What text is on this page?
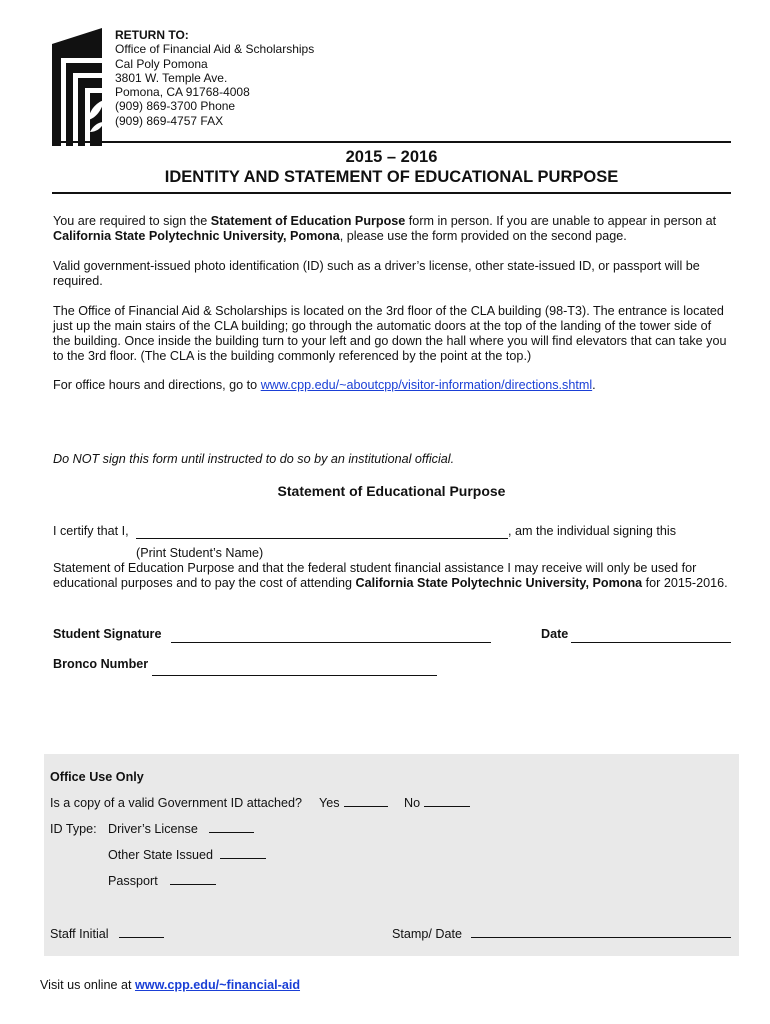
RETURN TO:
Office of Financial Aid & Scholarships
Cal Poly Pomona
3801 W. Temple Ave.
Pomona, CA 91768-4008
(909) 869-3700 Phone
(909) 869-4757 FAX
2015 – 2016
IDENTITY AND STATEMENT OF EDUCATIONAL PURPOSE
You are required to sign the Statement of Education Purpose form in person. If you are unable to appear in person at
California State Polytechnic University, Pomona, please use the form provided on the second page.
Valid government-issued photo identification (ID) such as a driver’s license, other state-issued ID, or passport will be
required.
The Office of Financial Aid & Scholarships is located on the 3rd floor of the CLA building (98-T3). The entrance is located
just up the main stairs of the CLA building; go through the automatic doors at the top of the landing of the tower side of
the building. Once inside the building turn to your left and go down the hall where you will find elevators that can take you
to the 3rd floor. (The CLA is the building commonly referenced by the point at the top.)
For office hours and directions, go to www.cpp.edu/~aboutcpp/visitor-information/directions.shtml.
Do NOT sign this form until instructed to do so by an institutional official.
Statement of Educational Purpose
I certify that I,	, am the individual signing this
(Print Student’s Name)
Statement of Education Purpose and that the federal student financial assistance I may receive will only be used for
educational purposes and to pay the cost of attending California State Polytechnic University, Pomona for 2015-2016.
Student Signature	Date
Bronco Number
Office Use Only
Is a copy of a valid Government ID attached? Yes	No
ID Type: Driver’s License
Other State Issued
Passport
Staff Initial	Stamp/ Date
Visit us online at www.cpp.edu/~financial-aid
